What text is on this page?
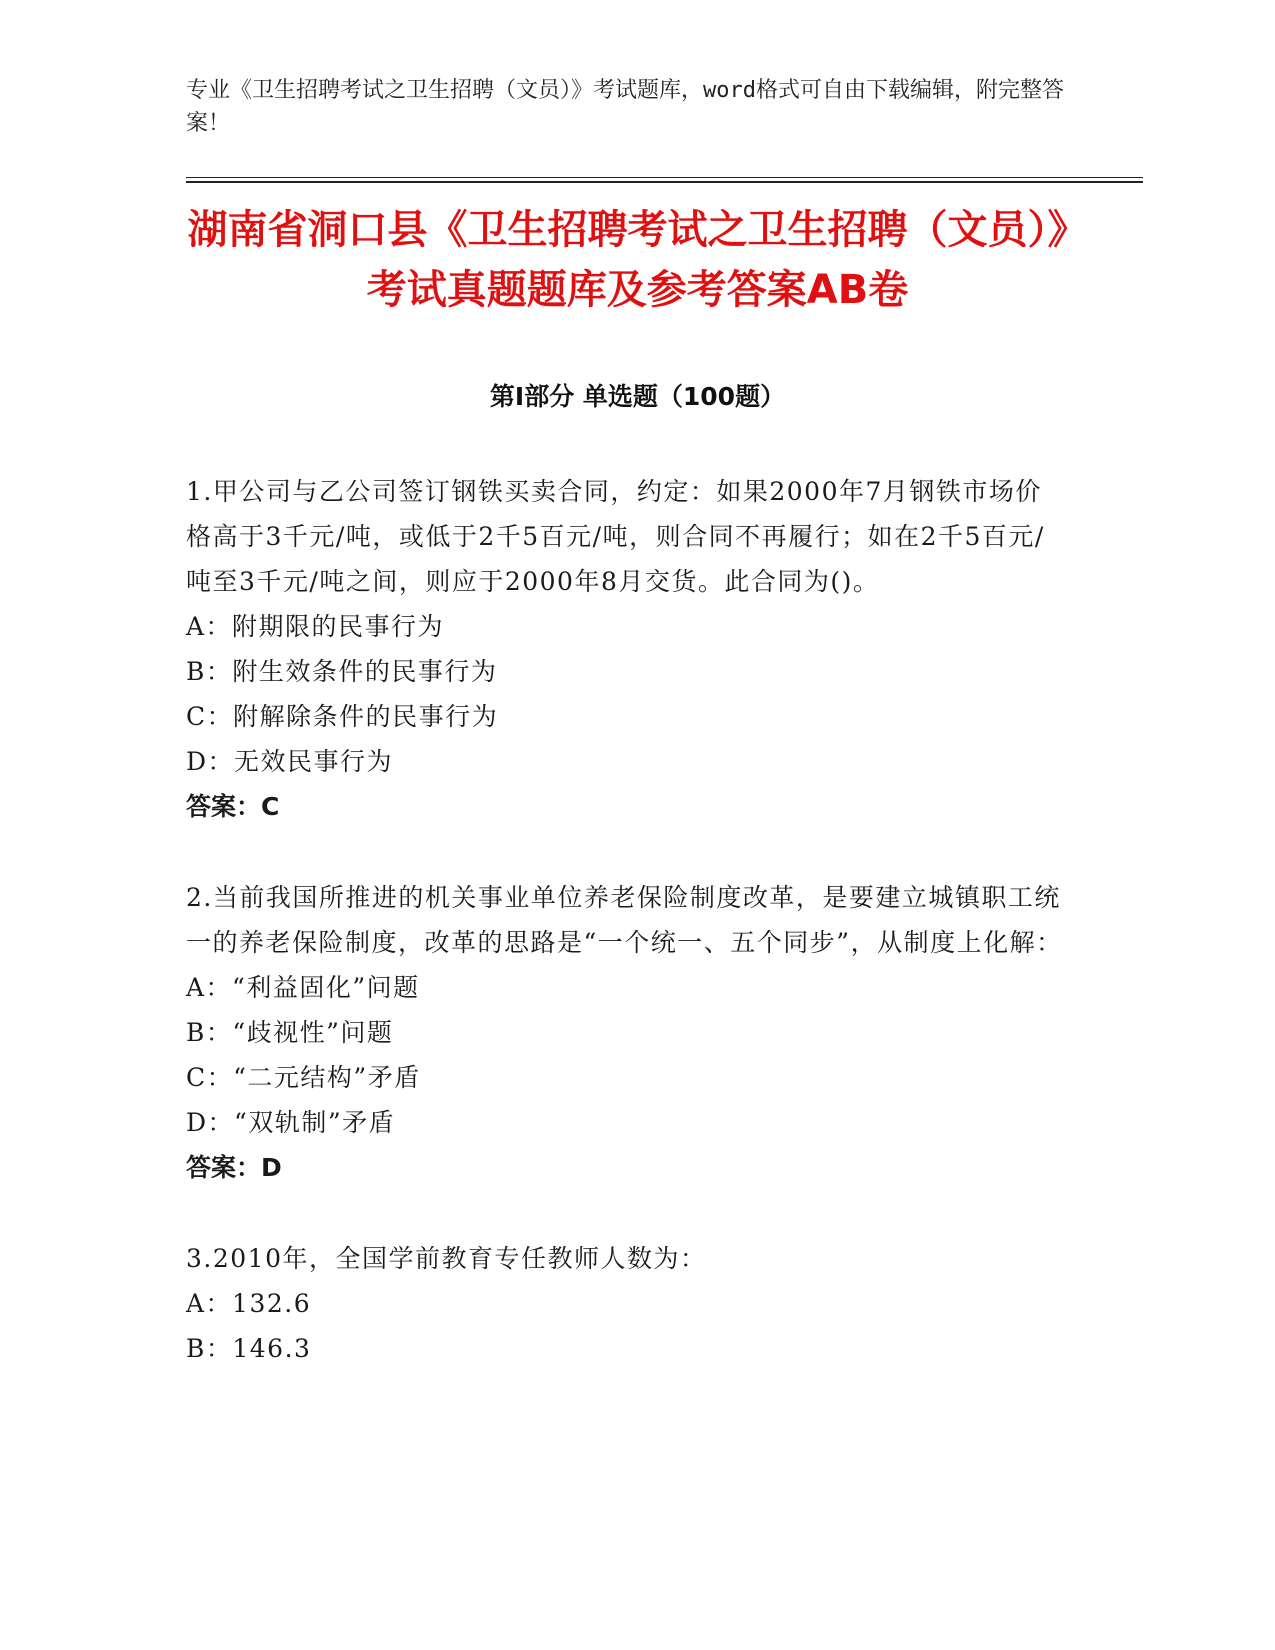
专业《卫生招聘考试之卫生招聘（文员）》考试题库，word格式可自由下载编辑，附完整答案！
湖南省洞口县《卫生招聘考试之卫生招聘（文员）》考试真题题库及参考答案AB卷
第Ⅰ部分 单选题（100题）
1.甲公司与乙公司签订钢铁买卖合同，约定：如果2000年7月钢铁市场价格高于3千元/吨，或低于2千5百元/吨，则合同不再履行；如在2千5百元/吨至3千元/吨之间，则应于2000年8月交货。此合同为()。
A：附期限的民事行为
B：附生效条件的民事行为
C：附解除条件的民事行为
D：无效民事行为
答案：C
2.当前我国所推进的机关事业单位养老保险制度改革，是要建立城镇职工统一的养老保险制度，改革的思路是“一个统一、五个同步”，从制度上化解：
A：“利益固化”问题
B：“歧视性”问题
C：“二元结构”矛盾
D：“双轨制”矛盾
答案：D
3.2010年，全国学前教育专任教师人数为：
A：132.6
B：146.3
